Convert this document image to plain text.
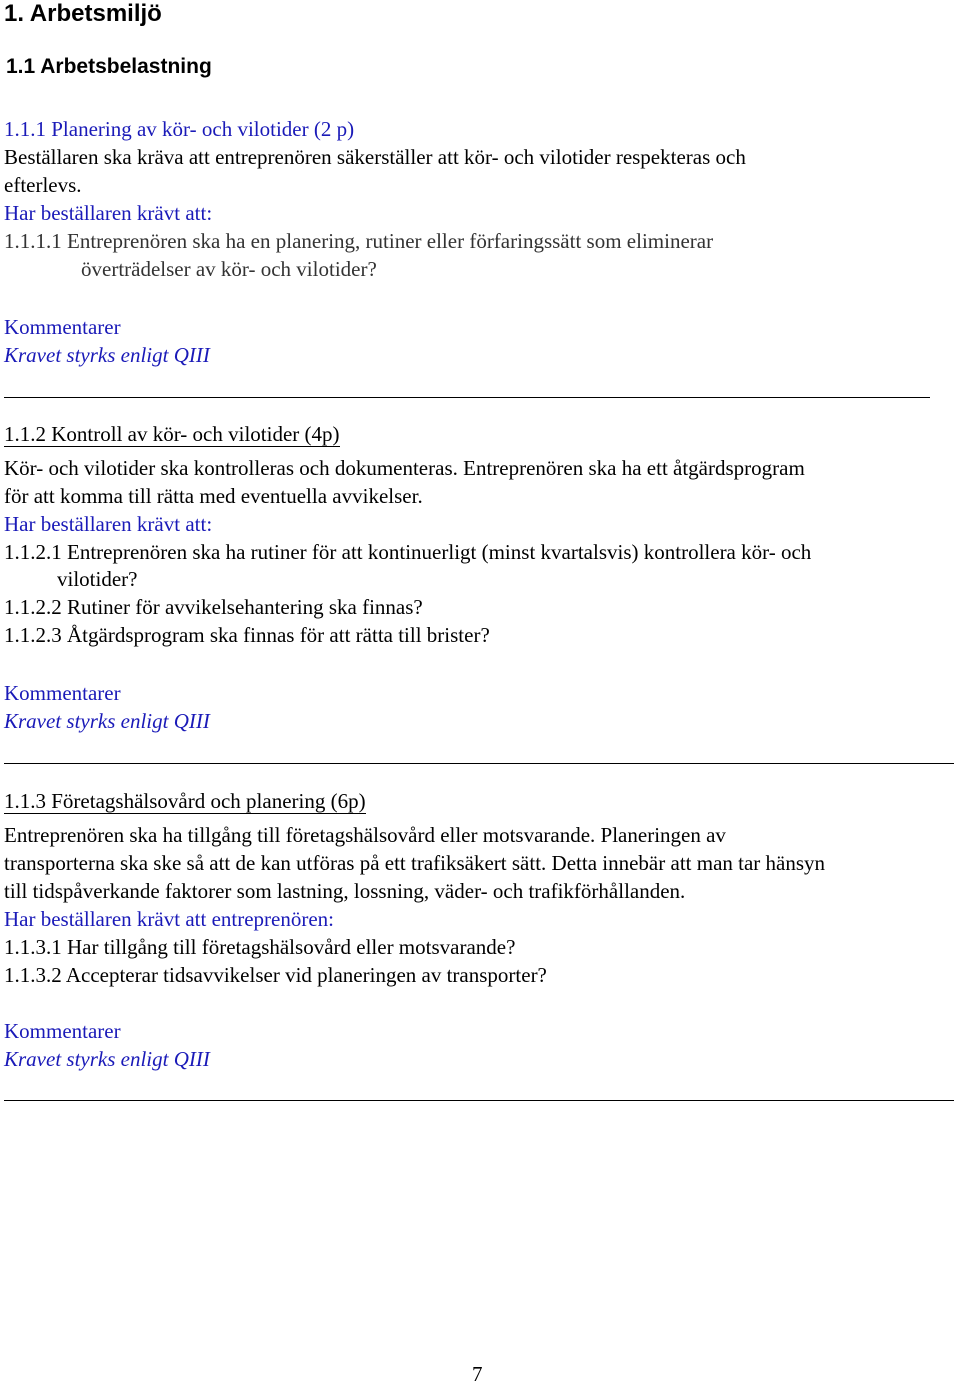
1. Arbetsmiljö
1.1 Arbetsbelastning
1.1.1 Planering av kör- och vilotider (2 p)
Beställaren ska kräva att entreprenören säkerställer att kör- och vilotider respekteras och
efterlevs.
Har beställaren krävt att:
1.1.1.1 Entreprenören ska ha en planering, rutiner eller förfaringssätt som eliminerar
överträdelser av kör- och vilotider?
Kommentarer
Kravet styrks enligt QIII
1.1.2 Kontroll av kör- och vilotider (4p)
Kör- och vilotider ska kontrolleras och dokumenteras. Entreprenören ska ha ett åtgärdsprogram
för att komma till rätta med eventuella avvikelser.
Har beställaren krävt att:
1.1.2.1 Entreprenören ska ha rutiner för att kontinuerligt (minst kvartalsvis) kontrollera kör- och
vilotider?
1.1.2.2 Rutiner för avvikelsehantering ska finnas?
1.1.2.3 Åtgärdsprogram ska finnas för att rätta till brister?
Kommentarer
Kravet styrks enligt QIII
1.1.3 Företagshälsovård och planering (6p)
Entreprenören ska ha tillgång till företagshälsovård eller motsvarande. Planeringen av
transporterna ska ske så att de kan utföras på ett trafiksäkert sätt. Detta innebär att man tar hänsyn
till tidspåverkande faktorer som lastning, lossning, väder- och trafikförhållanden.
Har beställaren krävt att entreprenören:
1.1.3.1 Har tillgång till företagshälsovård eller motsvarande?
1.1.3.2 Accepterar tidsavvikelser vid planeringen av transporter?
Kommentarer
Kravet styrks enligt QIII
7
